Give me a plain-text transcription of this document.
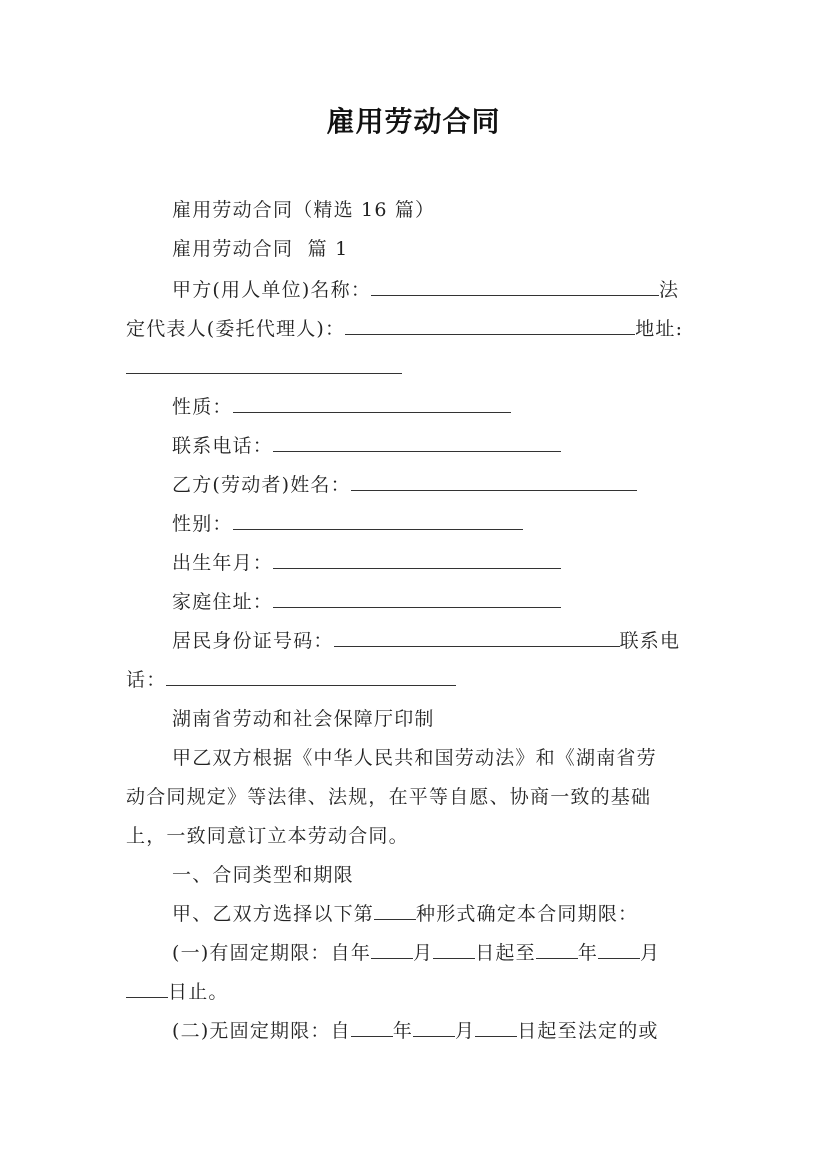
雇用劳动合同
雇用劳动合同（精选 16 篇）
雇用劳动合同  篇 1
甲方(用人单位)名称：	法
定代表人(委托代理人)：	地址:
性质：
联系电话：
乙方(劳动者)姓名：
性别：
出生年月：
家庭住址：
居民身份证号码：	联系电
话：
湖南省劳动和社会保障厅印制
甲乙双方根据《中华人民共和国劳动法》和《湖南省劳
动合同规定》等法律、法规，在平等自愿、协商一致的基础
上，一致同意订立本劳动合同。
一、合同类型和期限
甲、乙双方选择以下第 种形式确定本合同期限：
(一)有固定期限：自年 月 日起至 年 月
日止。
(二)无固定期限：自 年 月 日起至法定的或
